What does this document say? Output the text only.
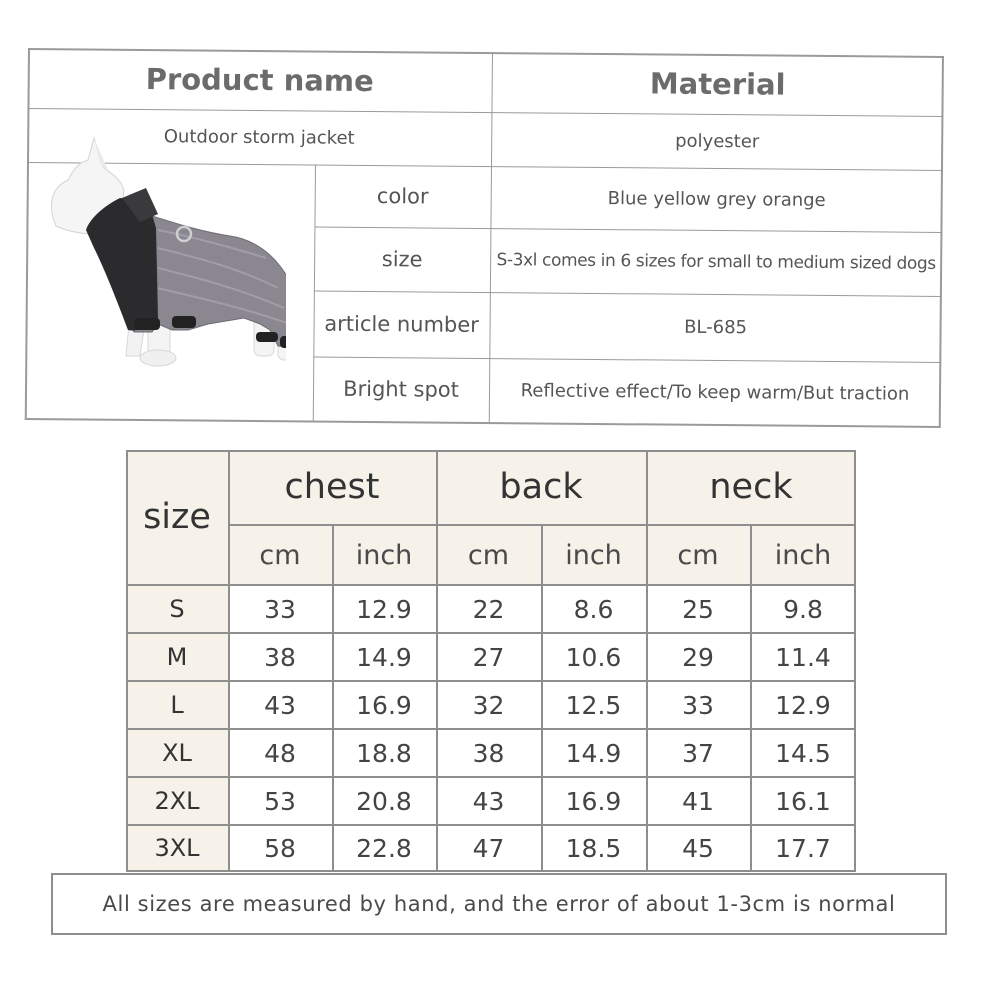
Product name	Material
Outdoor storm jacket	polyester
color	Blue yellow grey orange
size	S-3xl comes in 6 sizes for small to medium sized dogs
article number	BL-685
Bright spot	Reflective effect/To keep warm/But traction
size
chest	back	neck
cm	inch	cm	inch	cm	inch
S	33	12.9	22	8.6	25	9.8
M	38	14.9	27	10.6	29	11.4
L	43	16.9	32	12.5	33	12.9
XL	48	18.8	38	14.9	37	14.5
2XL	53	20.8	43	16.9	41	16.1
3XL	58	22.8	47	18.5	45	17.7
All sizes are measured by hand, and the error of about 1-3cm is normal
